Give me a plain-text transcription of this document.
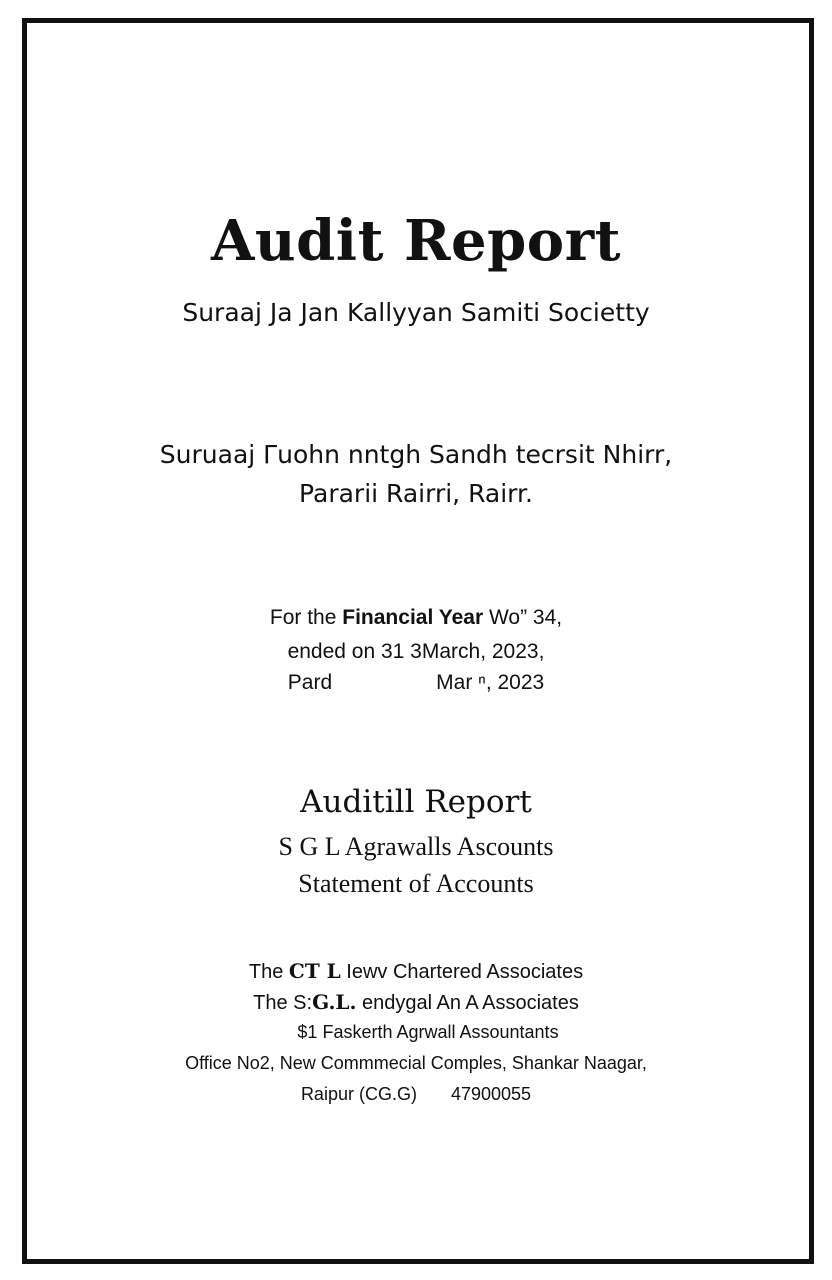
Audit Report
Suraaj Ja Jan Kallyyan Samiti Societty
Suruaaj Γuohn nntgh Sandh tecrsit Nhirr,
Pararii Rairri, Rairr.
For the Financial Year Wo” 34,
ended on 31 3March, 2023,
Pard	Mar ⁿ, 2023
Auditill Report
S G L Agrawalls Ascounts
Statement of Accounts
The CT L Iewv Chartered Associates
The S:G.L. endygal An A Associates
$1 Faskerth Agrwall Assountants
Office No2, New Commmecial Comples, Shankar Naagar,
Raipur (CG.G) 47900055
